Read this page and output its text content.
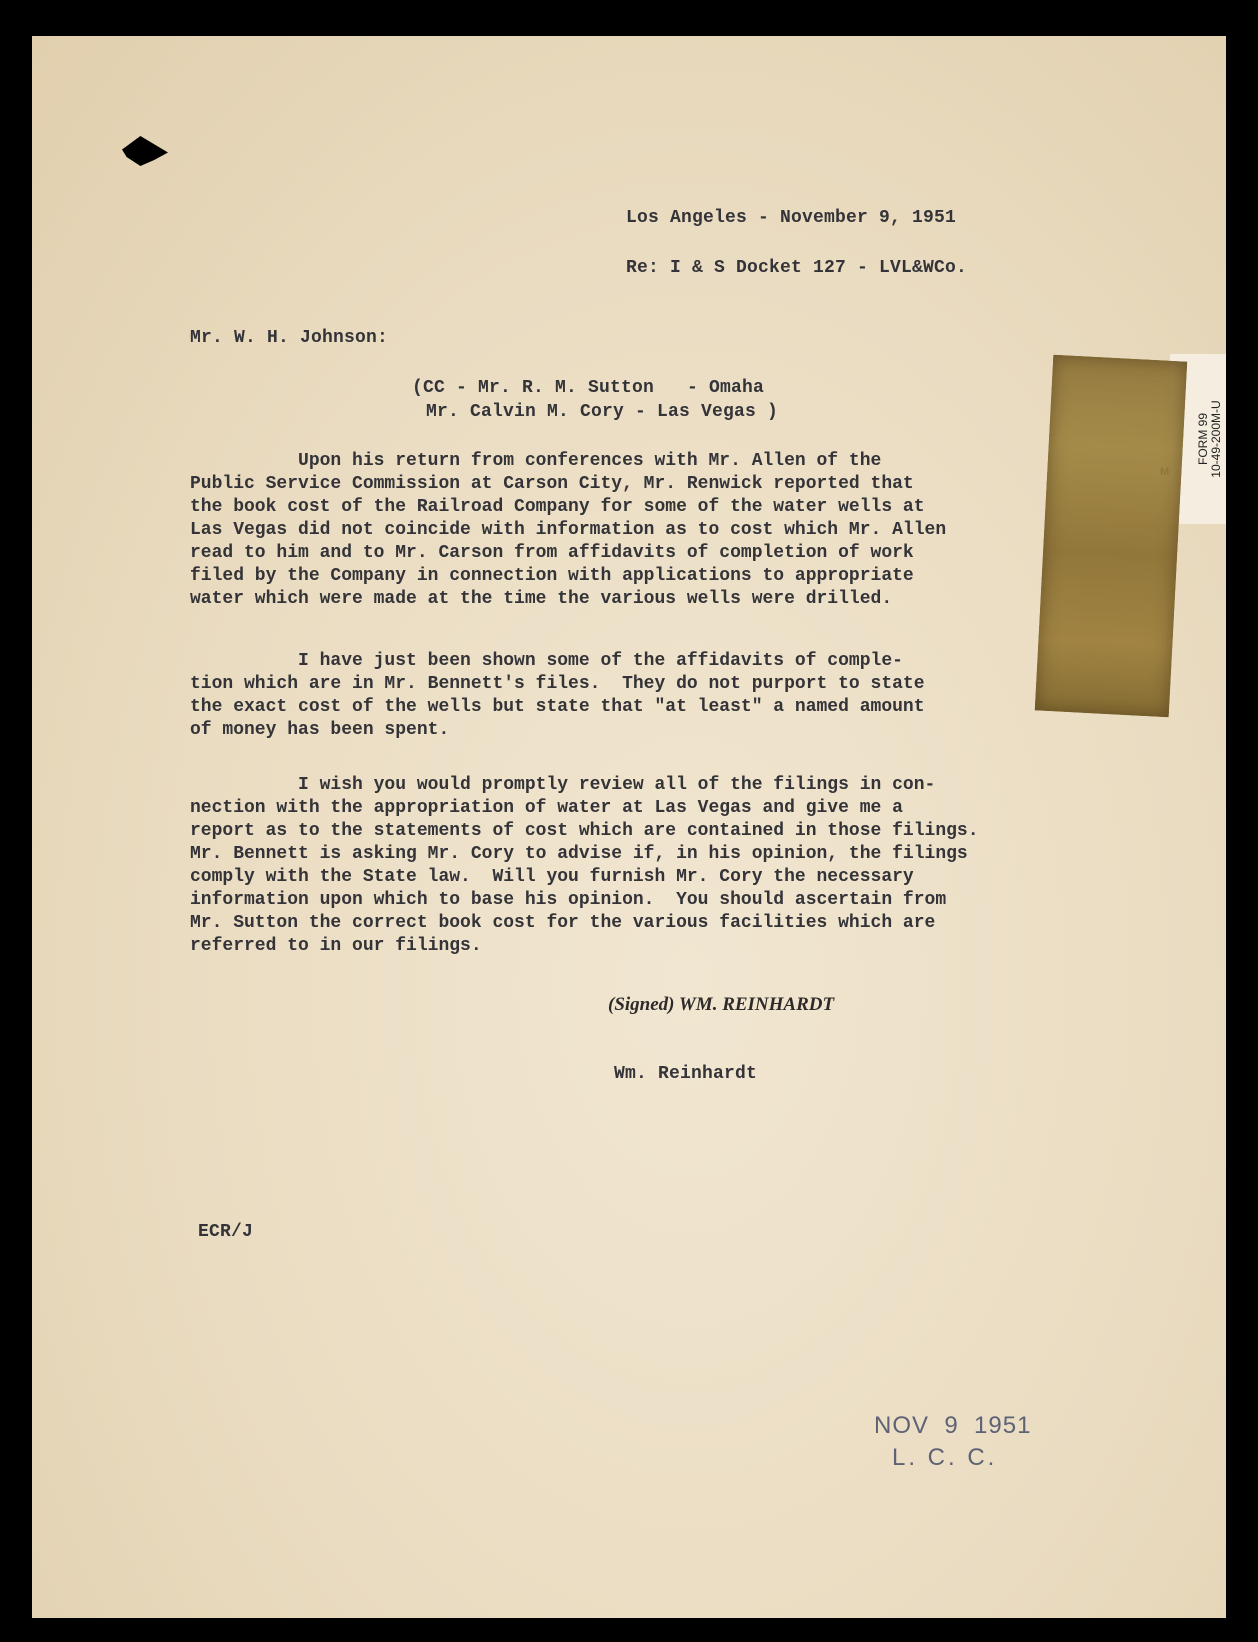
FORM 99
10-49-200M-U
Los Angeles - November 9, 1951
Re: I & S Docket 127 - LVL&WCo.
Mr. W. H. Johnson:
(CC - Mr. R. M. Sutton   - Omaha
Mr. Calvin M. Cory - Las Vegas )
Upon his return from conferences with Mr. Allen of the
Public Service Commission at Carson City, Mr. Renwick reported that
the book cost of the Railroad Company for some of the water wells at
Las Vegas did not coincide with information as to cost which Mr. Allen
read to him and to Mr. Carson from affidavits of completion of work
filed by the Company in connection with applications to appropriate
water which were made at the time the various wells were drilled.
I have just been shown some of the affidavits of comple-
tion which are in Mr. Bennett's files.  They do not purport to state
the exact cost of the wells but state that "at least" a named amount
of money has been spent.
I wish you would promptly review all of the filings in con-
nection with the appropriation of water at Las Vegas and give me a
report as to the statements of cost which are contained in those filings.
Mr. Bennett is asking Mr. Cory to advise if, in his opinion, the filings
comply with the State law.  Will you furnish Mr. Cory the necessary
information upon which to base his opinion.  You should ascertain from
Mr. Sutton the correct book cost for the various facilities which are
referred to in our filings.
(Signed) WM. REINHARDT
Wm. Reinhardt
ECR/J
NOV  9  1951
L. C. C.
